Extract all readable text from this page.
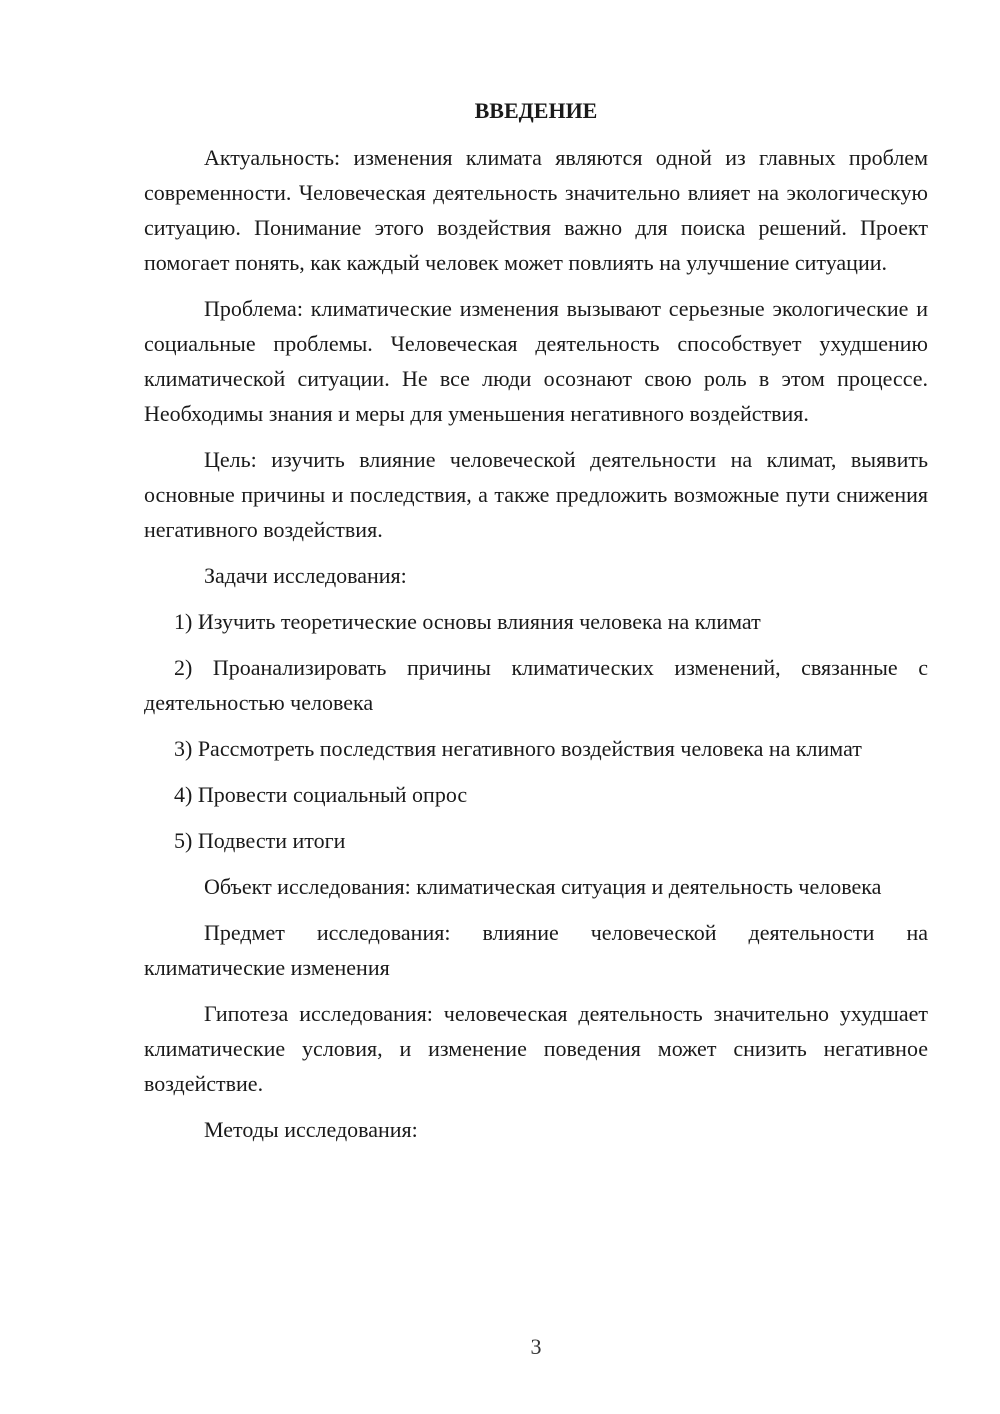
ВВЕДЕНИЕ

Актуальность: изменения климата являются одной из главных проблем современности. Человеческая деятельность значительно влияет на экологическую ситуацию. Понимание этого воздействия важно для поиска решений. Проект помогает понять, как каждый человек может повлиять на улучшение ситуации.

Проблема: климатические изменения вызывают серьезные экологические и социальные проблемы. Человеческая деятельность способствует ухудшению климатической ситуации. Не все люди осознают свою роль в этом процессе. Необходимы знания и меры для уменьшения негативного воздействия.

Цель: изучить влияние человеческой деятельности на климат, выявить основные причины и последствия, а также предложить возможные пути снижения негативного воздействия.

Задачи исследования:

1) Изучить теоретические основы влияния человека на климат

2) Проанализировать причины климатических изменений, связанные с деятельностью человека

3) Рассмотреть последствия негативного воздействия человека на климат

4) Провести социальный опрос

5) Подвести итоги

Объект исследования: климатическая ситуация и деятельность человека

Предмет исследования: влияние человеческой деятельности на климатические изменения

Гипотеза исследования: человеческая деятельность значительно ухудшает климатические условия, и изменение поведения может снизить негативное воздействие.

Методы исследования:

3
